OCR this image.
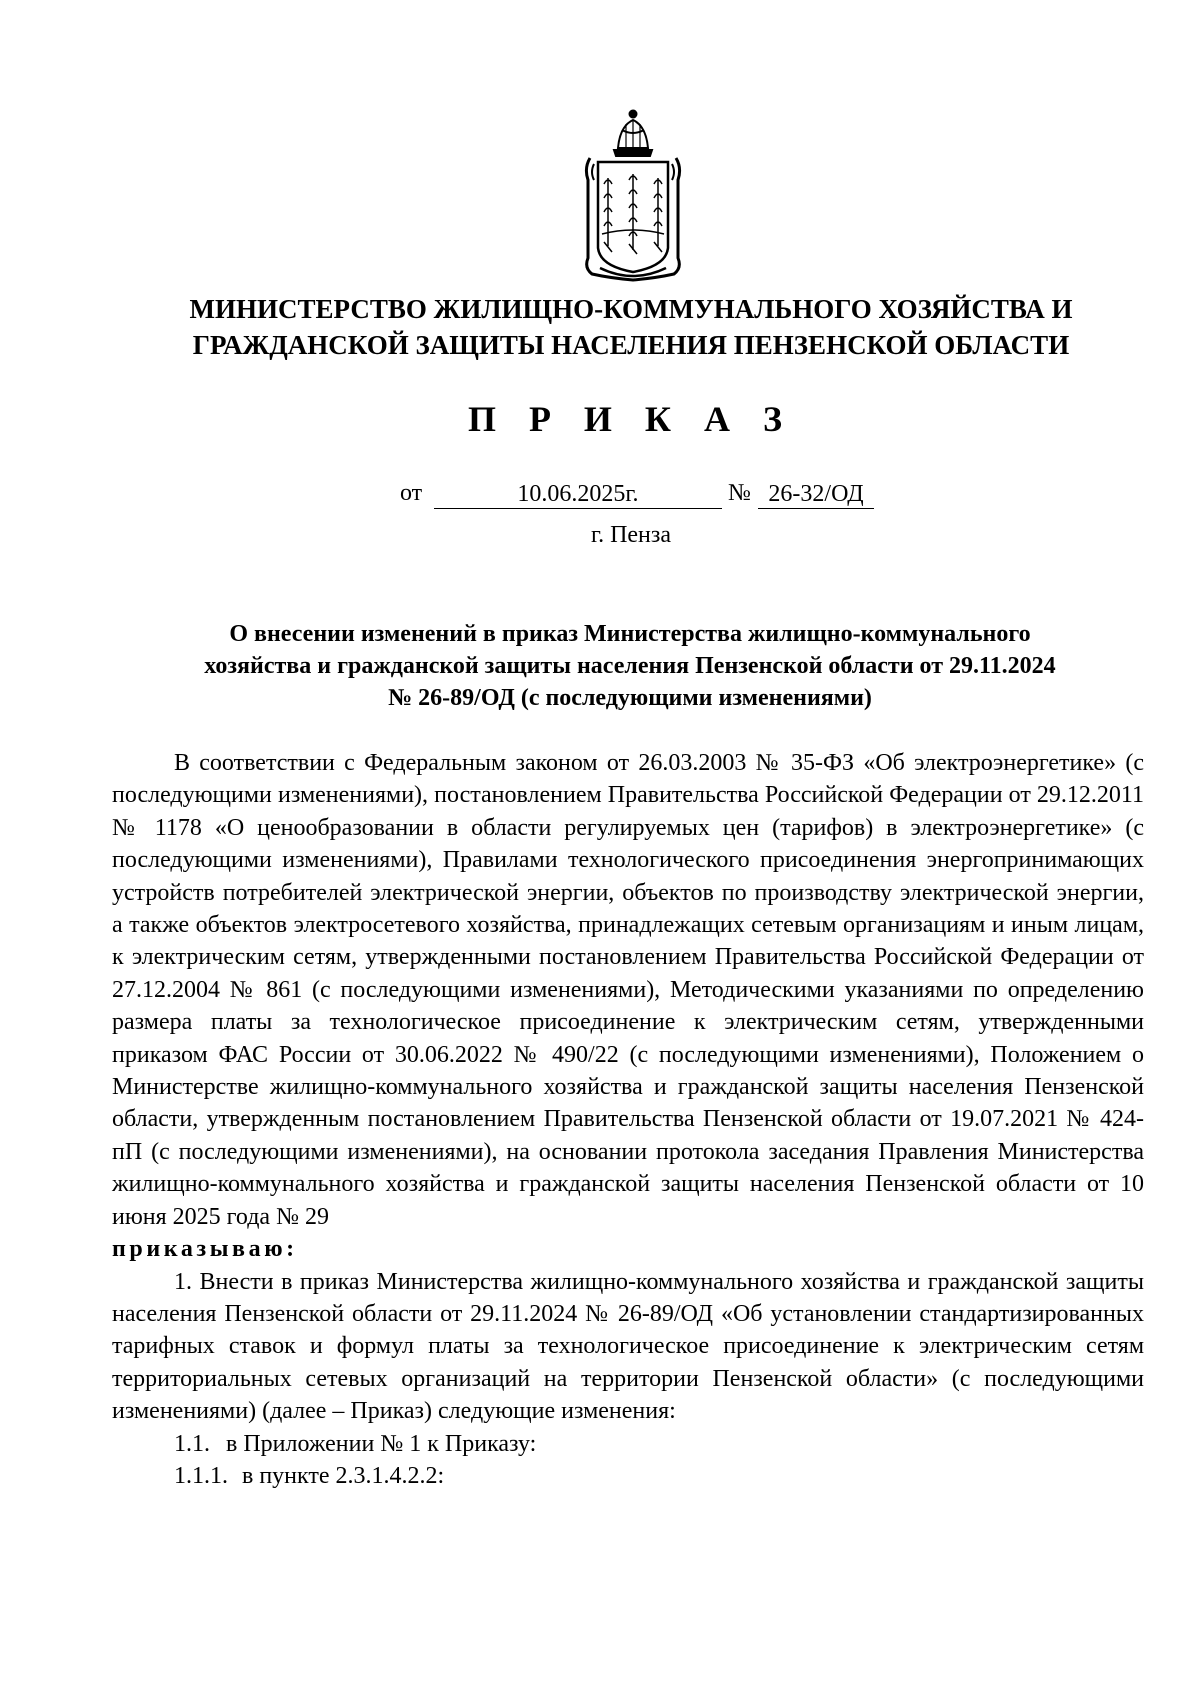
МИНИСТЕРСТВО ЖИЛИЩНО-КОММУНАЛЬНОГО ХОЗЯЙСТВА И
ГРАЖДАНСКОЙ ЗАЩИТЫ НАСЕЛЕНИЯ ПЕНЗЕНСКОЙ ОБЛАСТИ
П Р И К А З
от	10.06.2025г.	№ 26-32/ОД
г. Пенза
О внесении изменений в приказ Министерства жилищно-коммунального
хозяйства и гражданской защиты населения Пензенской области от 29.11.2024
№ 26-89/ОД (с последующими изменениями)

В соответствии с Федеральным законом от 26.03.2003 № 35-ФЗ «Об электроэнергетике» (с последующими изменениями), постановлением Правительства Российской Федерации от 29.12.2011 № 1178 «О ценообразовании в области регулируемых цен (тарифов) в электроэнергетике» (с последующими изменениями), Правилами технологического присоединения энергопринимающих устройств потребителей электрической энергии, объектов по производству электрической энергии, а также объектов электросетевого хозяйства, принадлежащих сетевым организациям и иным лицам, к электрическим сетям, утвержденными постановлением Правительства Российской Федерации от 27.12.2004 № 861 (с последующими изменениями), Методическими указаниями по определению размера платы за технологическое присоединение к электрическим сетям, утвержденными приказом ФАС России от 30.06.2022 № 490/22 (с последующими изменениями), Положением о Министерстве жилищно-коммунального хозяйства и гражданской защиты населения Пензенской области, утвержденным постановлением Правительства Пензенской области от 19.07.2021 № 424-пП (с последующими изменениями), на основании протокола заседания Правления Министерства жилищно-коммунального хозяйства и гражданской защиты населения Пензенской области от 10 июня 2025 года № 29

приказываю:

1. Внести в приказ Министерства жилищно-коммунального хозяйства и гражданской защиты населения Пензенской области от 29.11.2024 № 26-89/ОД «Об установлении стандартизированных тарифных ставок и формул платы за технологическое присоединение к электрическим сетям территориальных сетевых организаций на территории Пензенской области» (с последующими изменениями) (далее – Приказ) следующие изменения:

1.1. в Приложении № 1 к Приказу:
1.1.1. в пункте 2.3.1.4.2.2:
